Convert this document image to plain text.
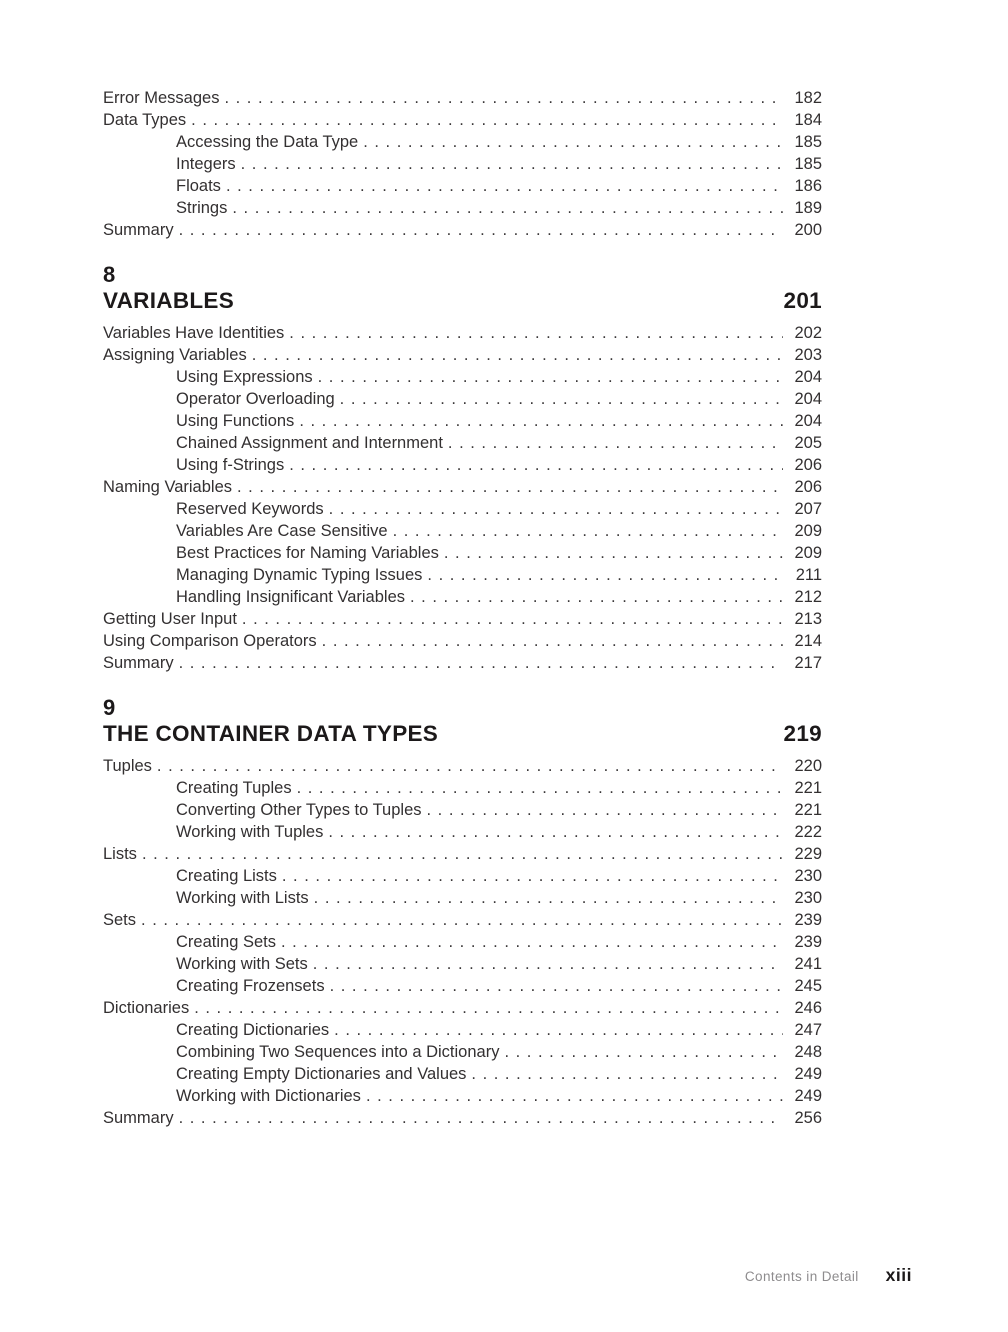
Error Messages . . .	182
Data Types . . .	184
Accessing the Data Type . . .	185
Integers . . .	185
Floats . . .	186
Strings . . .	189
Summary . . .	200
8
VARIABLES	201
Variables Have Identities . . .	202
Assigning Variables . . .	203
Using Expressions . . .	204
Operator Overloading . . .	204
Using Functions . . .	204
Chained Assignment and Internment . . .	205
Using f-Strings . . .	206
Naming Variables . . .	206
Reserved Keywords . . .	207
Variables Are Case Sensitive . . .	209
Best Practices for Naming Variables . . .	209
Managing Dynamic Typing Issues . . .	211
Handling Insignificant Variables . . .	212
Getting User Input . . .	213
Using Comparison Operators . . .	214
Summary . . .	217
9
THE CONTAINER DATA TYPES	219
Tuples . . .	220
Creating Tuples . . .	221
Converting Other Types to Tuples . . .	221
Working with Tuples . . .	222
Lists . . .	229
Creating Lists . . .	230
Working with Lists . . .	230
Sets . . .	239
Creating Sets . . .	239
Working with Sets . . .	241
Creating Frozensets . . .	245
Dictionaries . . .	246
Creating Dictionaries . . .	247
Combining Two Sequences into a Dictionary . . .	248
Creating Empty Dictionaries and Values . . .	249
Working with Dictionaries . . .	249
Summary . . .	256
Contents in Detail xiii
